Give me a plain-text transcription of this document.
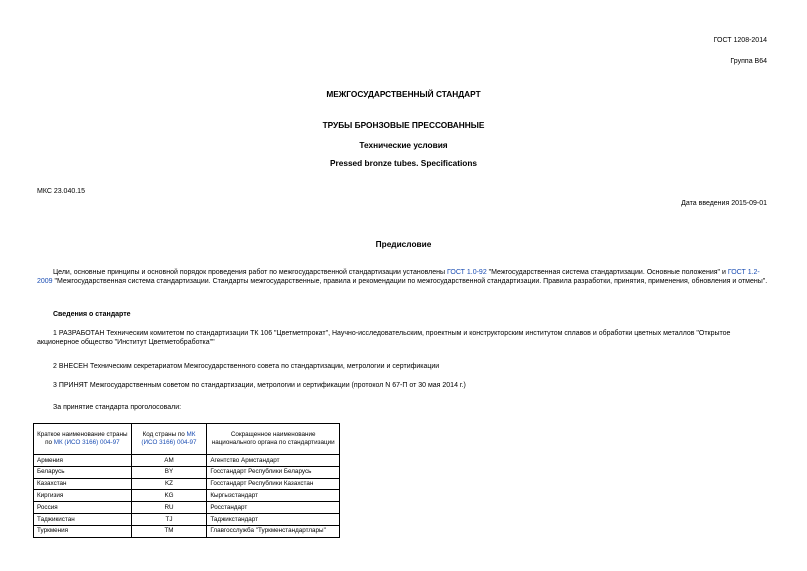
ГОСТ 1208-2014
Группа В64
МЕЖГОСУДАРСТВЕННЫЙ СТАНДАРТ
ТРУБЫ БРОНЗОВЫЕ ПРЕССОВАННЫЕ
Технические условия
Pressed bronze tubes. Specifications
МКС 23.040.15
Дата введения 2015-09-01
Предисловие
Цели, основные принципы и основной порядок проведения работ по межгосударственной стандартизации установлены ГОСТ 1.0-92 "Межгосударственная система стандартизации. Основные положения" и ГОСТ 1.2-2009 "Межгосударственная система стандартизации. Стандарты межгосударственные, правила и рекомендации по межгосударственной стандартизации. Правила разработки, принятия, применения, обновления и отмены".
Сведения о стандарте
1 РАЗРАБОТАН Техническим комитетом по стандартизации ТК 106 "Цветметпрокат", Научно-исследовательским, проектным и конструкторским институтом сплавов и обработки цветных металлов "Открытое акционерное общество "Институт Цветметобработка""
2 ВНЕСЕН Техническим секретариатом Межгосударственного совета по стандартизации, метрологии и сертификации
3 ПРИНЯТ Межгосударственным советом по стандартизации, метрологии и сертификации (протокол N 67-П от 30 мая 2014 г.)
За принятие стандарта проголосовали:
Краткое наименование страны по МК (ИСО 3166) 004-97	Код страны по МК (ИСО 3166) 004-97	Сокращенное наименование национального органа по стандартизации
Армения	AM	Агентство Армстандарт
Беларусь	BY	Госстандарт Республики Беларусь
Казахстан	KZ	Госстандарт Республики Казахстан
Киргизия	KG	Кыргызстандарт
Россия	RU	Росстандарт
Таджикистан	TJ	Таджикстандарт
Туркмения	TM	Главгосслужба "Туркменстандартлары"
